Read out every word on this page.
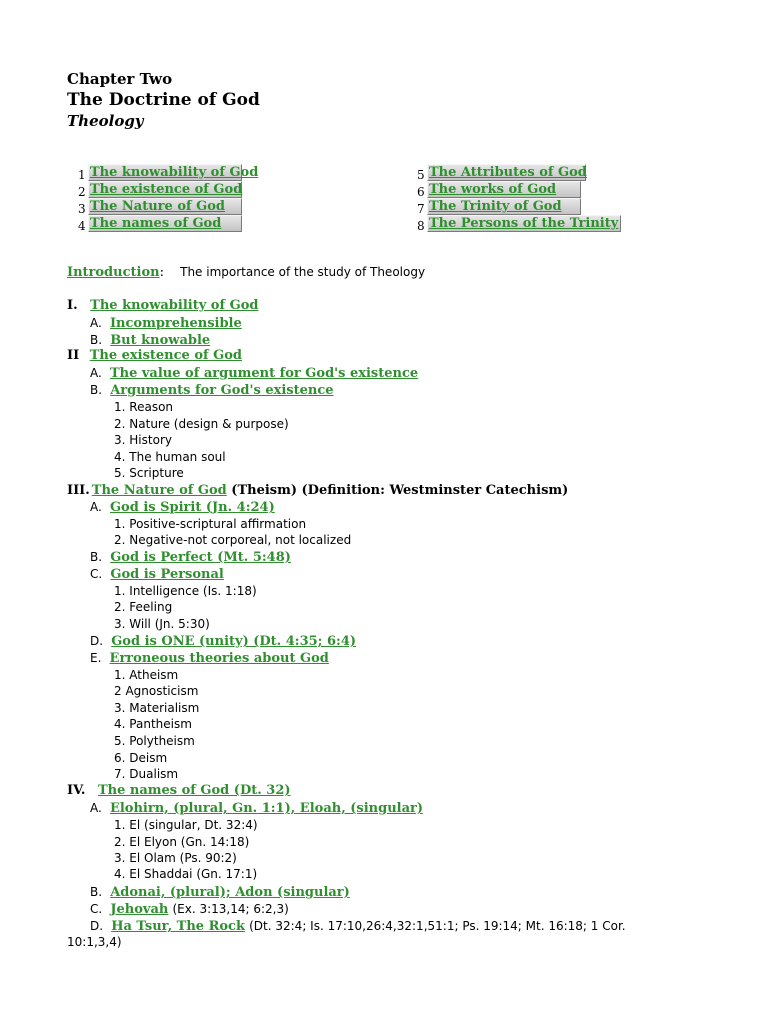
Chapter Two
The Doctrine of God
Theology
1 The knowability of God
2 The existence of God
3 The Nature of God
4 The names of God
5 The Attributes of God
6 The works of God
7 The Trinity of God
8 The Persons of the Trinity
Introduction: The importance of the study of Theology
I. The knowability of God
A. Incomprehensible
B. But knowable
II The existence of God
A. The value of argument for God's existence
B. Arguments for God's existence
1. Reason
2. Nature (design & purpose)
3. History
4. The human soul
5. Scripture
III. The Nature of God (Theism) (Definition: Westminster Catechism)
A. God is Spirit (Jn. 4:24)
1. Positive-scriptural affirmation
2. Negative-not corporeal, not localized
B. God is Perfect (Mt. 5:48)
C. God is Personal
1. Intelligence (Is. 1:18)
2. Feeling
3. Will (Jn. 5:30)
D. God is ONE (unity) (Dt. 4:35; 6:4)
E. Erroneous theories about God
1. Atheism
2 Agnosticism
3. Materialism
4. Pantheism
5. Polytheism
6. Deism
7. Dualism
IV. The names of God (Dt. 32)
A. Elohirn, (plural, Gn. 1:1), Eloah, (singular)
1. El (singular, Dt. 32:4)
2. El Elyon (Gn. 14:18)
3. El Olam (Ps. 90:2)
4. El Shaddai (Gn. 17:1)
B. Adonai, (plural); Adon (singular)
C. Jehovah (Ex. 3:13,14; 6:2,3)
D. Ha Tsur, The Rock (Dt. 32:4; Is. 17:10,26:4,32:1,51:1; Ps. 19:14; Mt. 16:18; 1 Cor.
10:1,3,4)
